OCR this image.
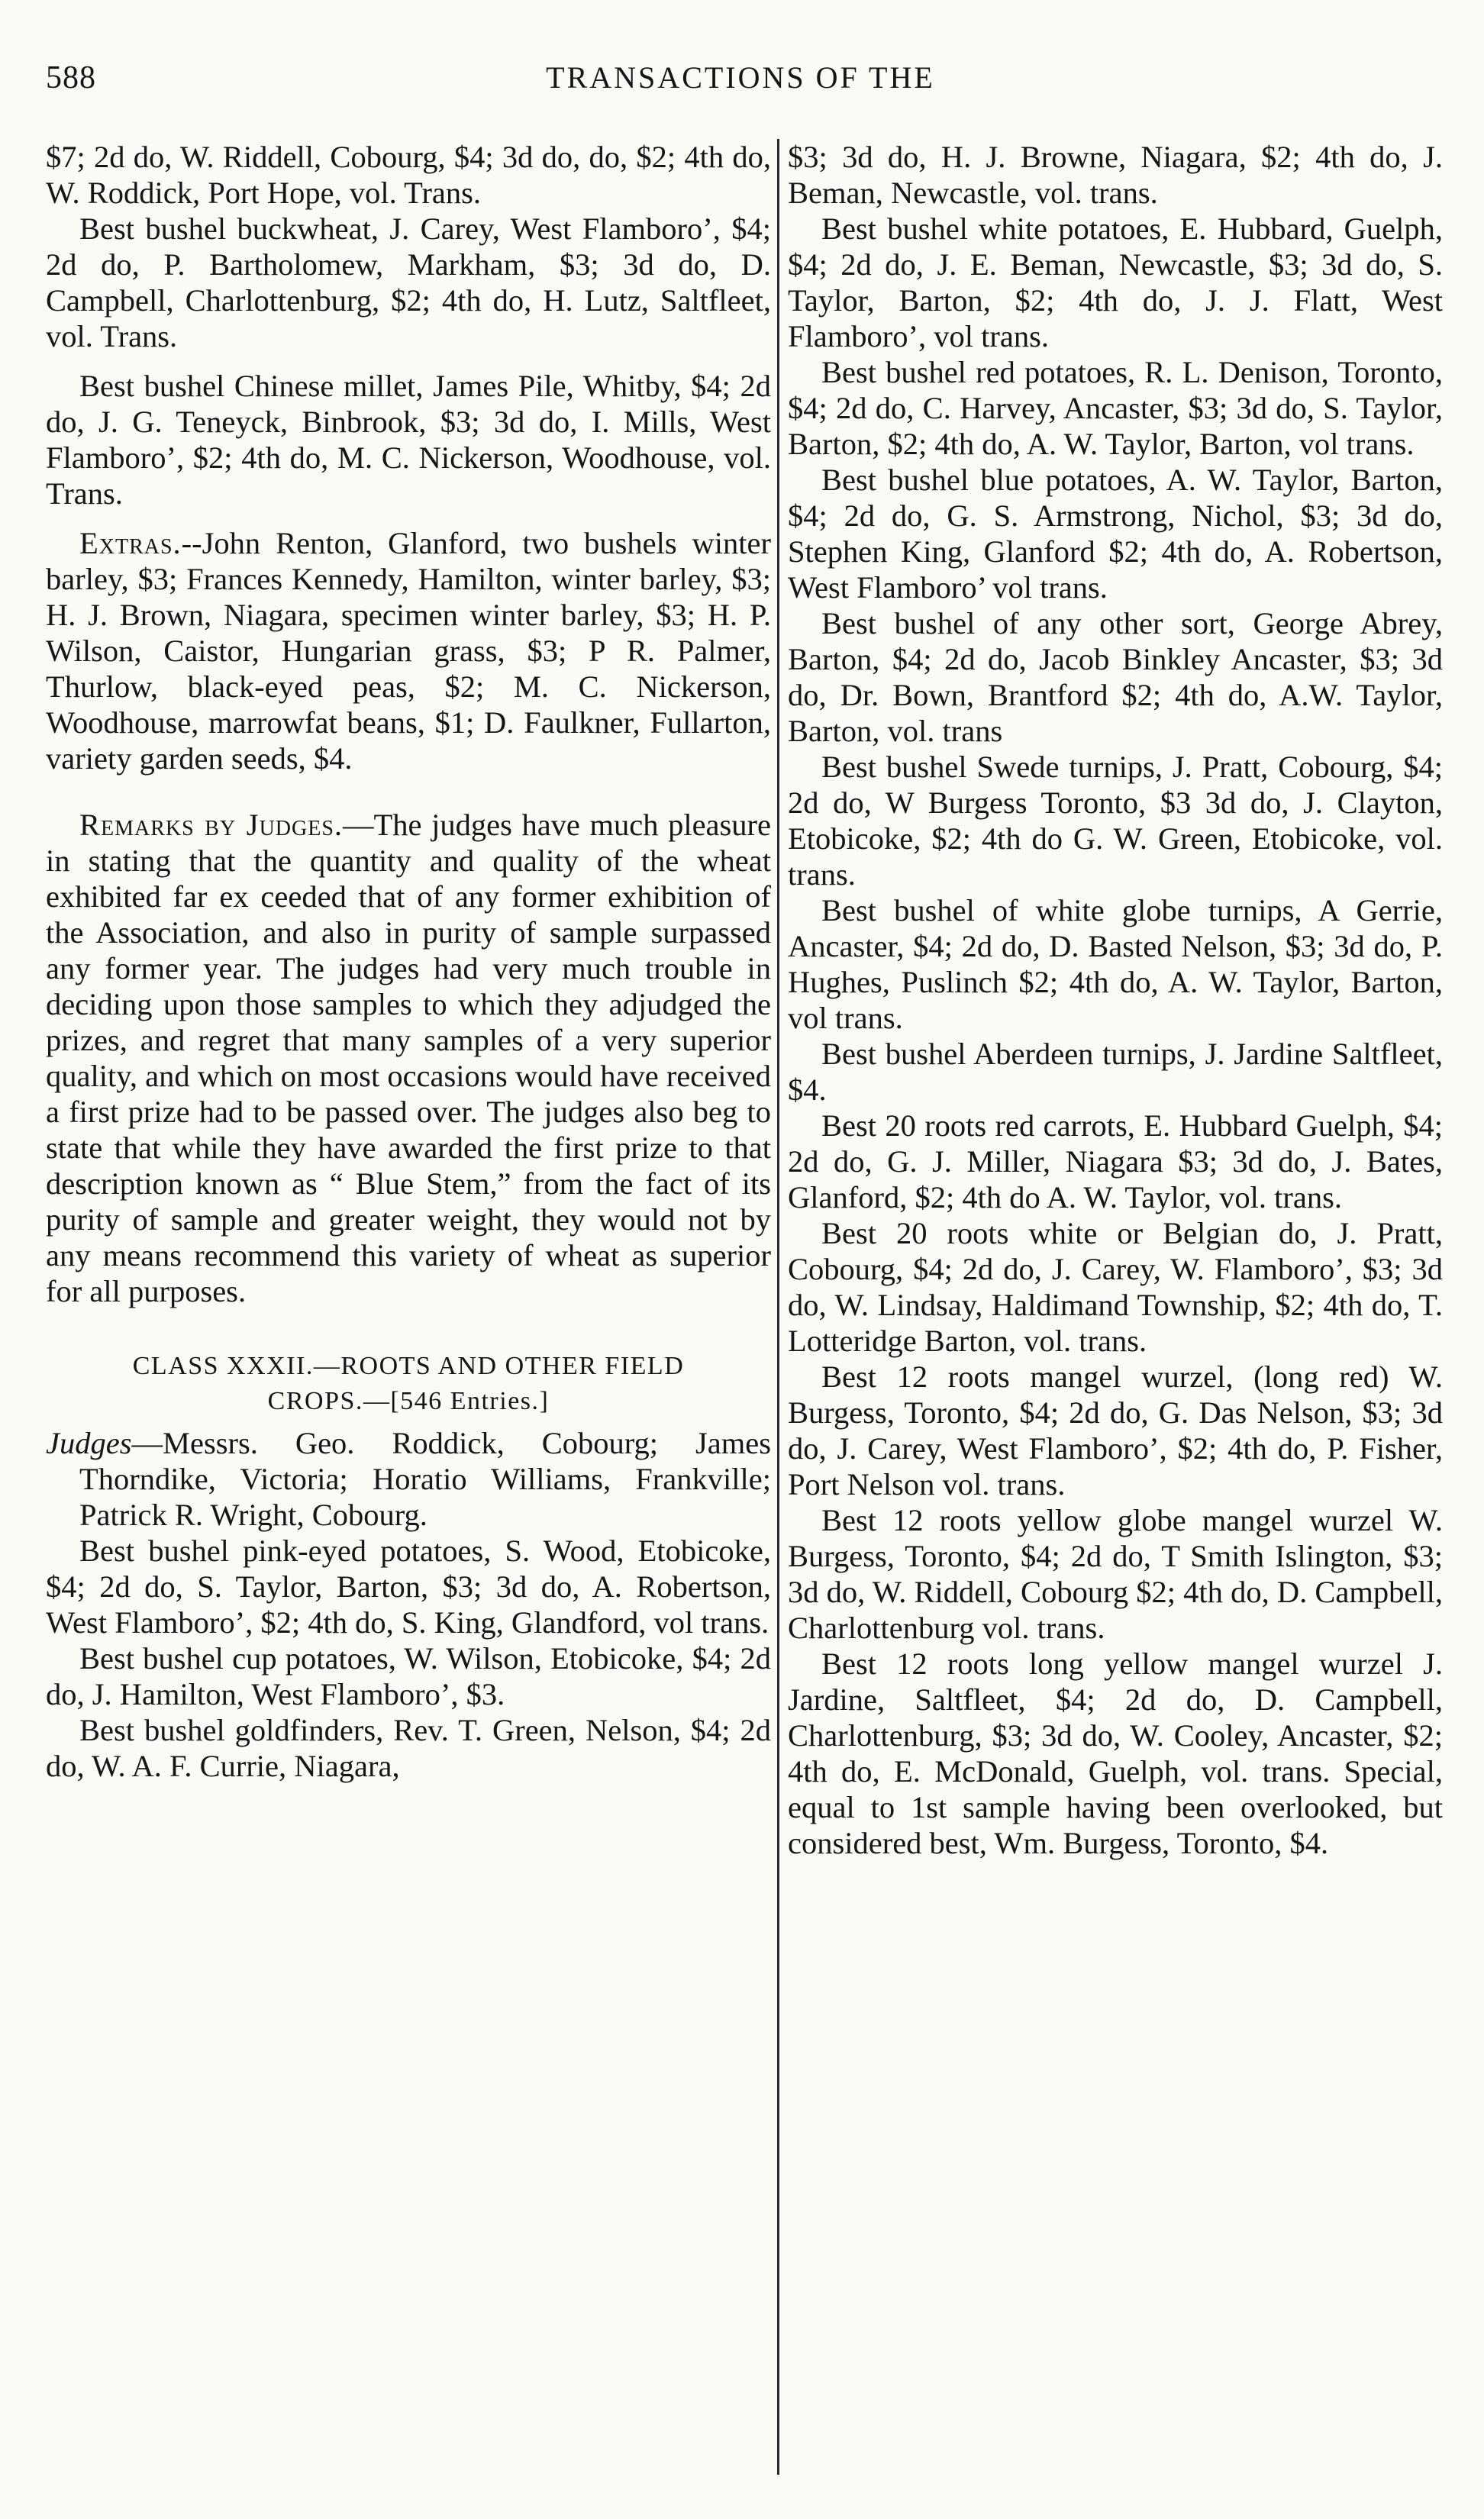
588	TRANSACTIONS OF THE

$7; 2d do, W. Riddell, Cobourg, $4; 3d do, do, $2; 4th do, W. Roddick, Port Hope, vol. Trans.

Best bushel buckwheat, J. Carey, West Flamboro’, $4; 2d do, P. Bartholomew, Markham, $3; 3d do, D. Campbell, Charlottenburg, $2; 4th do, H. Lutz, Saltfleet, vol. Trans.

Best bushel Chinese millet, James Pile, Whitby, $4; 2d do, J. G. Teneyck, Binbrook, $3; 3d do, I. Mills, West Flamboro’, $2; 4th do, M. C. Nickerson, Woodhouse, vol. Trans.

Extras.--John Renton, Glanford, two bushels winter barley, $3; Frances Kennedy, Hamilton, winter barley, $3; H. J. Brown, Niagara, specimen winter barley, $3; H. P. Wilson, Caistor, Hungarian grass, $3; P R. Palmer, Thurlow, black-eyed peas, $2; M. C. Nickerson, Woodhouse, marrowfat beans, $1; D. Faulkner, Fullarton, variety garden seeds, $4.

Remarks by Judges.—The judges have much pleasure in stating that the quantity and quality of the wheat exhibited far ex ceeded that of any former exhibition of the Association, and also in purity of sample surpassed any former year. The judges had very much trouble in deciding upon those samples to which they adjudged the prizes, and regret that many samples of a very superior quality, and which on most occasions would have received a first prize had to be passed over. The judges also beg to state that while they have awarded the first prize to that description known as “ Blue Stem,” from the fact of its purity of sample and greater weight, they would not by any means recommend this variety of wheat as superior for all purposes.

CLASS XXXII.—ROOTS AND OTHER FIELD
CROPS.—[546 Entries.]

Judges—Messrs. Geo. Roddick, Cobourg; James Thorndike, Victoria; Horatio Williams, Frankville; Patrick R. Wright, Cobourg.

Best bushel pink-eyed potatoes, S. Wood, Etobicoke, $4; 2d do, S. Taylor, Barton, $3; 3d do, A. Robertson, West Flamboro’, $2; 4th do, S. King, Glandford, vol trans.

Best bushel cup potatoes, W. Wilson, Etobicoke, $4; 2d do, J. Hamilton, West Flamboro’, $3.

Best bushel goldfinders, Rev. T. Green, Nelson, $4; 2d do, W. A. F. Currie, Niagara,

$3; 3d do, H. J. Browne, Niagara, $2; 4th do, J. Beman, Newcastle, vol. trans.

Best bushel white potatoes, E. Hubbard, Guelph, $4; 2d do, J. E. Beman, Newcastle, $3; 3d do, S. Taylor, Barton, $2; 4th do, J. J. Flatt, West Flamboro’, vol trans.

Best bushel red potatoes, R. L. Denison, Toronto, $4; 2d do, C. Harvey, Ancaster, $3; 3d do, S. Taylor, Barton, $2; 4th do, A. W. Taylor, Barton, vol trans.

Best bushel blue potatoes, A. W. Taylor, Barton, $4; 2d do, G. S. Armstrong, Nichol, $3; 3d do, Stephen King, Glanford $2; 4th do, A. Robertson, West Flamboro’ vol trans.

Best bushel of any other sort, George Abrey, Barton, $4; 2d do, Jacob Binkley Ancaster, $3; 3d do, Dr. Bown, Brantford $2; 4th do, A.W. Taylor, Barton, vol. trans

Best bushel Swede turnips, J. Pratt, Cobourg, $4; 2d do, W Burgess Toronto, $3 3d do, J. Clayton, Etobicoke, $2; 4th do G. W. Green, Etobicoke, vol. trans.

Best bushel of white globe turnips, A Gerrie, Ancaster, $4; 2d do, D. Basted Nelson, $3; 3d do, P. Hughes, Puslinch $2; 4th do, A. W. Taylor, Barton, vol trans.

Best bushel Aberdeen turnips, J. Jardine Saltfleet, $4.

Best 20 roots red carrots, E. Hubbard Guelph, $4; 2d do, G. J. Miller, Niagara $3; 3d do, J. Bates, Glanford, $2; 4th do A. W. Taylor, vol. trans.

Best 20 roots white or Belgian do, J. Pratt, Cobourg, $4; 2d do, J. Carey, W. Flamboro’, $3; 3d do, W. Lindsay, Haldimand Township, $2; 4th do, T. Lotteridge Barton, vol. trans.

Best 12 roots mangel wurzel, (long red) W. Burgess, Toronto, $4; 2d do, G. Das Nelson, $3; 3d do, J. Carey, West Flamboro’, $2; 4th do, P. Fisher, Port Nelson vol. trans.

Best 12 roots yellow globe mangel wurzel W. Burgess, Toronto, $4; 2d do, T Smith Islington, $3; 3d do, W. Riddell, Cobourg $2; 4th do, D. Campbell, Charlottenburg vol. trans.

Best 12 roots long yellow mangel wurzel J. Jardine, Saltfleet, $4; 2d do, D. Campbell, Charlottenburg, $3; 3d do, W. Cooley, Ancaster, $2; 4th do, E. McDonald, Guelph, vol. trans. Special, equal to 1st sample having been overlooked, but considered best, Wm. Burgess, Toronto, $4.
